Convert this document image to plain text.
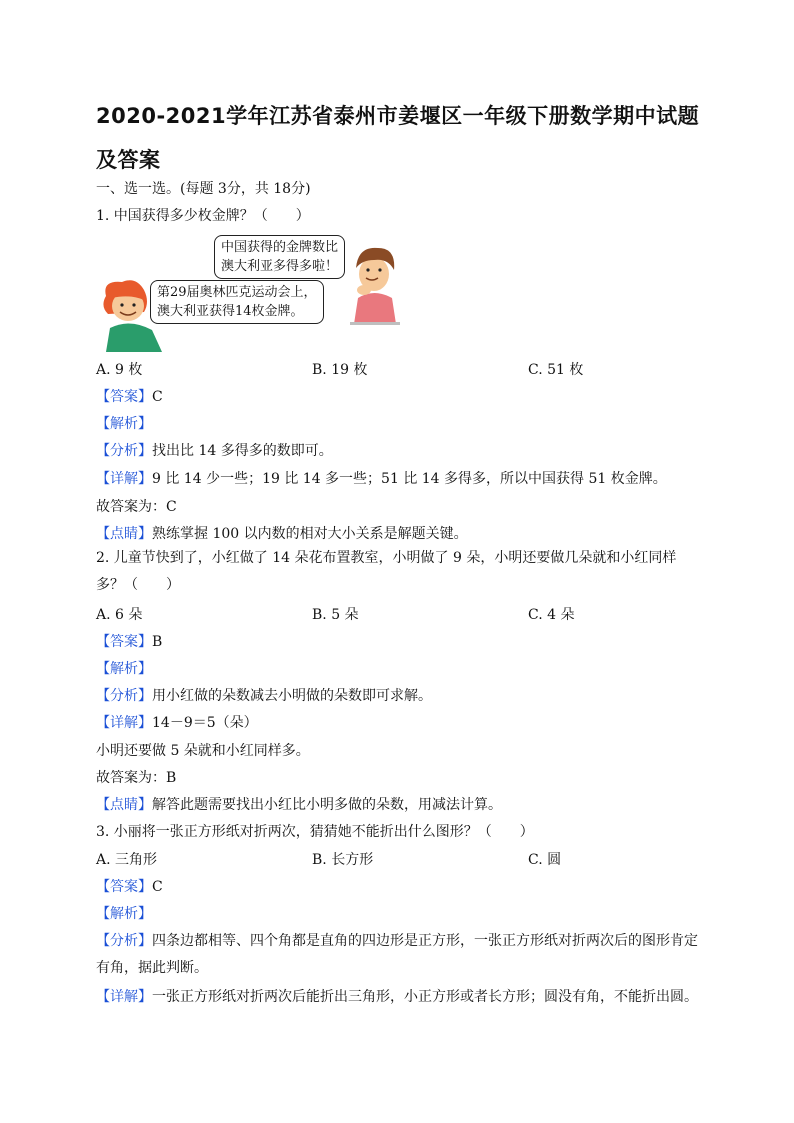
2020-2021学年江苏省泰州市姜堰区一年级下册数学期中试题及答案
一、选一选。(每题 3分，共 18分)
1. 中国获得多少枚金牌？（　　）
中国获得的金牌数比
澳大利亚多得多啦！
第29届奥林匹克运动会上，
澳大利亚获得14枚金牌。
A. 9 枚	B. 19 枚	C. 51 枚
【答案】C
【解析】
【分析】找出比 14 多得多的数即可。
【详解】9 比 14 少一些；19 比 14 多一些；51 比 14 多得多，所以中国获得 51 枚金牌。
故答案为：C
【点睛】熟练掌握 100 以内数的相对大小关系是解题关键。
2. 儿童节快到了，小红做了 14 朵花布置教室，小明做了 9 朵，小明还要做几朵就和小红同样多？（　　）
A. 6 朵	B. 5 朵	C. 4 朵
【答案】B
【解析】
【分析】用小红做的朵数减去小明做的朵数即可求解。
【详解】14－9＝5（朵）
小明还要做 5 朵就和小红同样多。
故答案为：B
【点睛】解答此题需要找出小红比小明多做的朵数，用减法计算。
3. 小丽将一张正方形纸对折两次，猜猜她不能折出什么图形？（　　）
A. 三角形	B. 长方形	C. 圆
【答案】C
【解析】
【分析】四条边都相等、四个角都是直角的四边形是正方形，一张正方形纸对折两次后的图形肯定有角，据此判断。
【详解】一张正方形纸对折两次后能折出三角形，小正方形或者长方形；圆没有角，不能折出圆。
